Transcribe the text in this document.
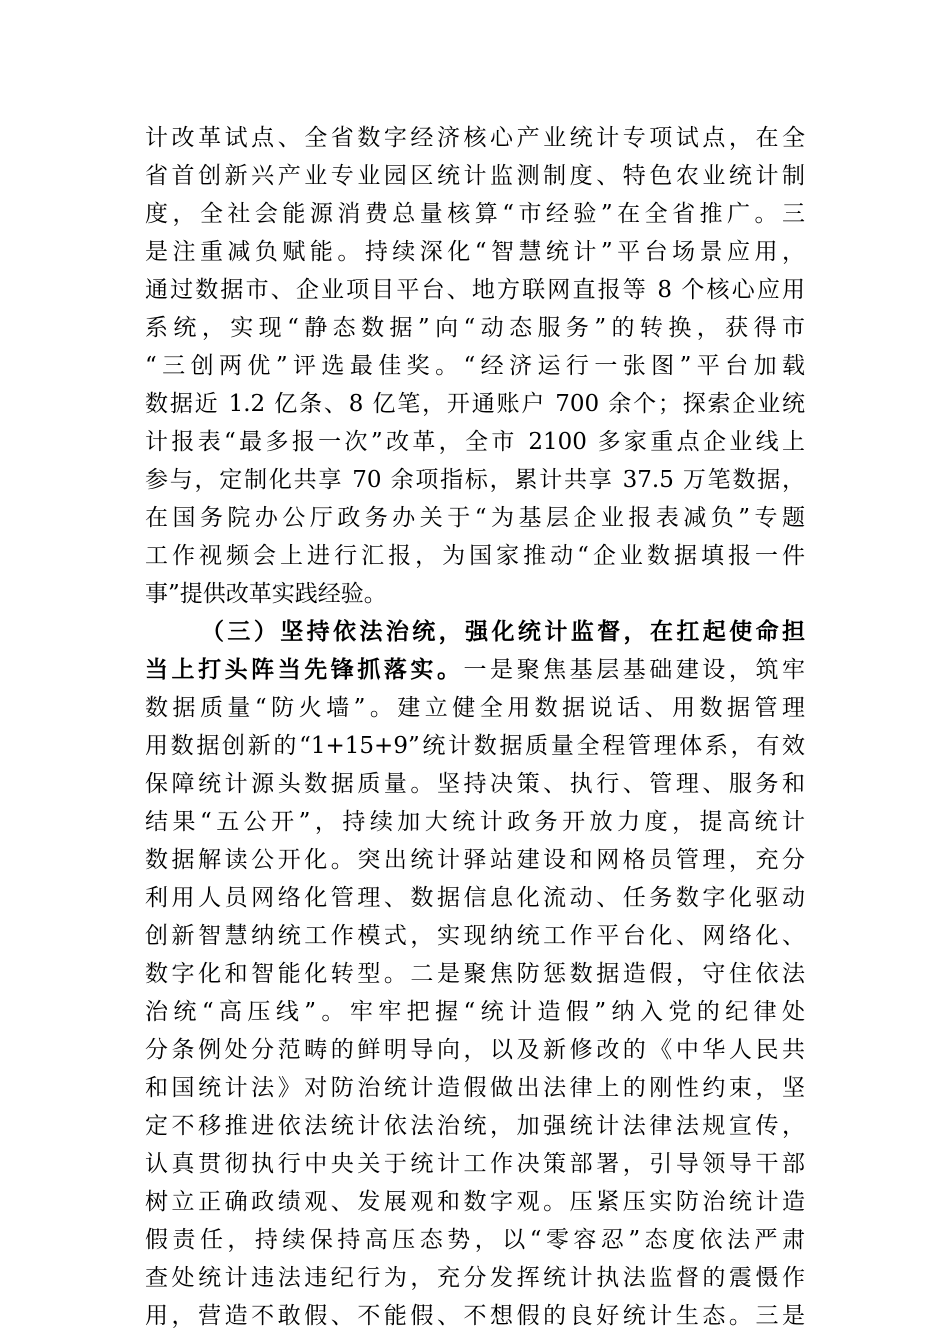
计改革试点、全省数字经济核心产业统计专项试点，在全
省首创新兴产业专业园区统计监测制度、特色农业统计制
度，全社会能源消费总量核算“市经验”在全省推广。三
是注重减负赋能。持续深化“智慧统计”平台场景应用，
通过数据市、企业项目平台、地方联网直报等 8 个核心应用
系统，实现“静态数据”向“动态服务”的转换，获得市
“三创两优”评选最佳奖。“经济运行一张图”平台加载
数据近 1.2 亿条、8 亿笔，开通账户 700 余个；探索企业统
计报表“最多报一次”改革，全市 2100 多家重点企业线上
参与，定制化共享 70 余项指标，累计共享 37.5 万笔数据，
在国务院办公厅政务办关于“为基层企业报表减负”专题
工作视频会上进行汇报，为国家推动“企业数据填报一件
事”提供改革实践经验。
（三）坚持依法治统，强化统计监督，在扛起使命担
当上打头阵当先锋抓落实。一是聚焦基层基础建设，筑牢
数据质量“防火墙”。建立健全用数据说话、用数据管理
用数据创新的“1+15+9”统计数据质量全程管理体系，有效
保障统计源头数据质量。坚持决策、执行、管理、服务和
结果“五公开”，持续加大统计政务开放力度，提高统计
数据解读公开化。突出统计驿站建设和网格员管理，充分
利用人员网络化管理、数据信息化流动、任务数字化驱动
创新智慧纳统工作模式，实现纳统工作平台化、网络化、
数字化和智能化转型。二是聚焦防惩数据造假，守住依法
治统“高压线”。牢牢把握“统计造假”纳入党的纪律处
分条例处分范畴的鲜明导向，以及新修改的《中华人民共
和国统计法》对防治统计造假做出法律上的刚性约束，坚
定不移推进依法统计依法治统，加强统计法律法规宣传，
认真贯彻执行中央关于统计工作决策部署，引导领导干部
树立正确政绩观、发展观和数字观。压紧压实防治统计造
假责任，持续保持高压态势，以“零容忍”态度依法严肃
查处统计违法违纪行为，充分发挥统计执法监督的震慑作
用，营造不敢假、不能假、不想假的良好统计生态。三是
